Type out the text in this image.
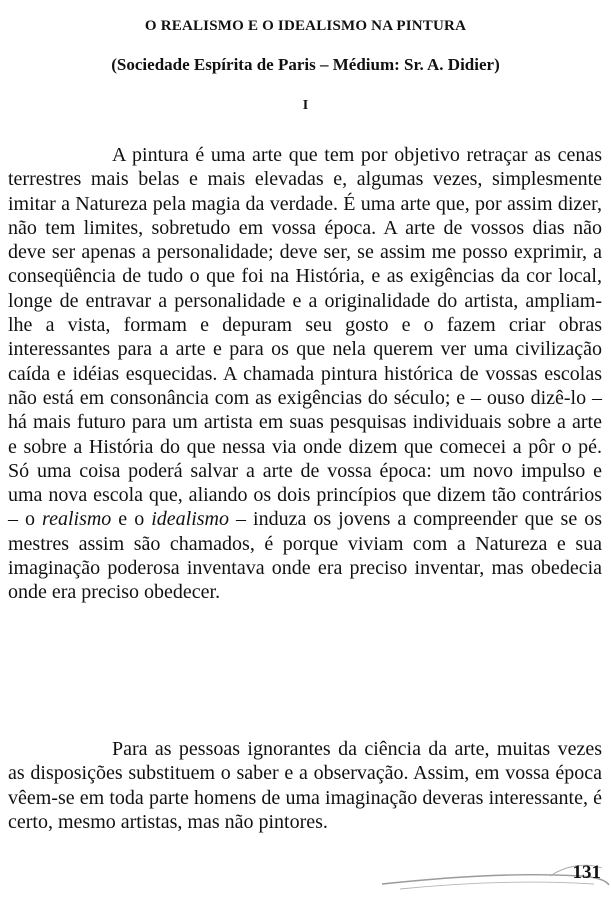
O REALISMO E O IDEALISMO NA PINTURA
(Sociedade Espírita de Paris – Médium: Sr. A. Didier)
I

A pintura é uma arte que tem por objetivo retraçar as cenas terrestres mais belas e mais elevadas e, algumas vezes, simplesmente imitar a Natureza pela magia da verdade. É uma arte que, por assim dizer, não tem limites, sobretudo em vossa época. A arte de vossos dias não deve ser apenas a personalidade; deve ser, se assim me posso exprimir, a conseqüência de tudo o que foi na História, e as exigências da cor local, longe de entravar a personalidade e a originalidade do artista, ampliam-lhe a vista, formam e depuram seu gosto e o fazem criar obras interessantes para a arte e para os que nela querem ver uma civilização caída e idéias esquecidas. A chamada pintura histórica de vossas escolas não está em consonância com as exigências do século; e – ouso dizê-lo – há mais futuro para um artista em suas pesquisas individuais sobre a arte e sobre a História do que nessa via onde dizem que comecei a pôr o pé. Só uma coisa poderá salvar a arte de vossa época: um novo impulso e uma nova escola que, aliando os dois princípios que dizem tão contrários – o realismo e o idealismo – induza os jovens a compreender que se os mestres assim são chamados, é porque viviam com a Natureza e sua imaginação poderosa inventava onde era preciso inventar, mas obedecia onde era preciso obedecer.

Para as pessoas ignorantes da ciência da arte, muitas vezes as disposições substituem o saber e a observação. Assim, em vossa época vêem-se em toda parte homens de uma imaginação deveras interessante, é certo, mesmo artistas, mas não pintores.

131
